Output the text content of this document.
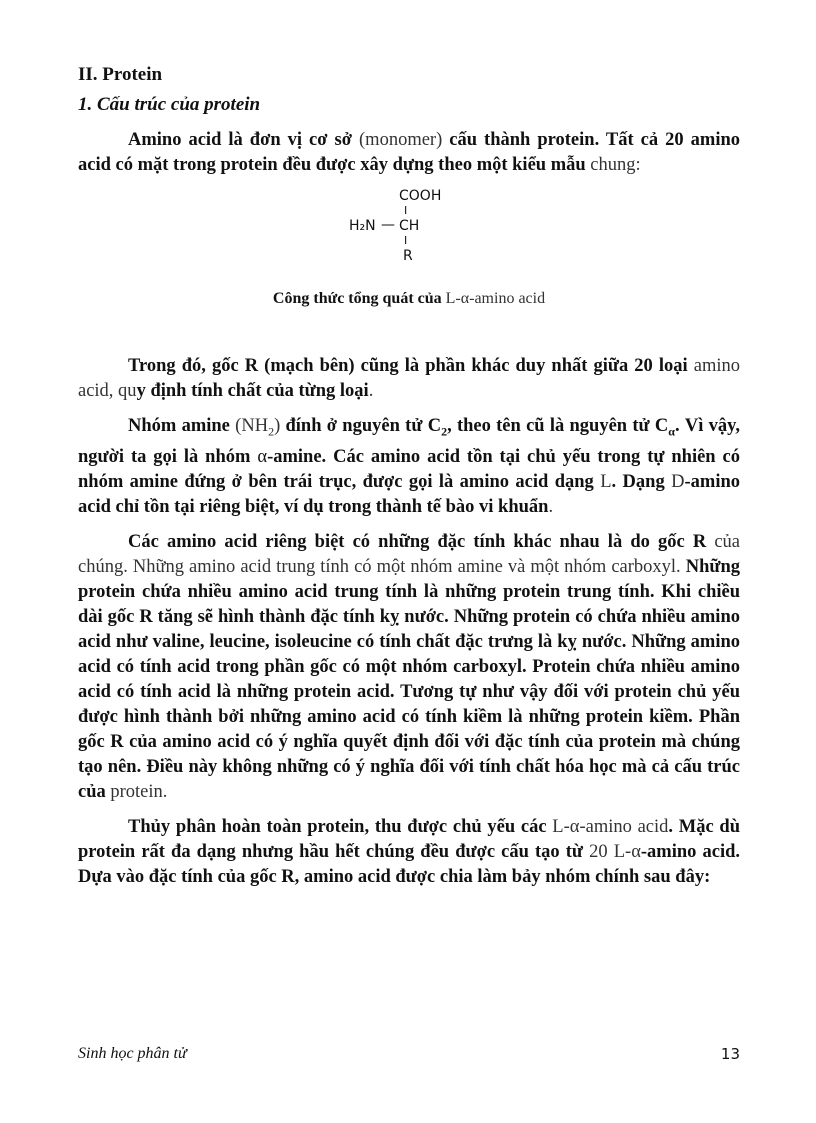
II. Protein
1. Cấu trúc của protein

Amino acid là đơn vị cơ sở (monomer) cấu thành protein. Tất cả 20 amino acid có mặt trong protein đều được xây dựng theo một kiểu mẫu chung:

COOH
I
H₂N — CH
I
R
Công thức tổng quát của L-α-amino acid

Trong đó, gốc R (mạch bên) cũng là phần khác duy nhất giữa 20 loại amino acid, quy định tính chất của từng loại.

Nhóm amine $(NH_2)$ đính ở nguyên tử $C_2$, theo tên cũ là nguyên tử $C_\alpha$. Vì vậy, người ta gọi là nhóm α-amine. Các amino acid tồn tại chủ yếu trong tự nhiên có nhóm amine đứng ở bên trái trục, được gọi là amino acid dạng L. Dạng D-amino acid chỉ tồn tại riêng biệt, ví dụ trong thành tế bào vi khuẩn.

Các amino acid riêng biệt có những đặc tính khác nhau là do gốc R của chúng. Những amino acid trung tính có một nhóm amine và một nhóm carboxyl. Những protein chứa nhiều amino acid trung tính là những protein trung tính. Khi chiều dài gốc R tăng sẽ hình thành đặc tính kỵ nước. Những protein có chứa nhiều amino acid như valine, leucine, isoleucine có tính chất đặc trưng là kỵ nước. Những amino acid có tính acid trong phần gốc có một nhóm carboxyl. Protein chứa nhiều amino acid có tính acid là những protein acid. Tương tự như vậy đối với protein chủ yếu được hình thành bởi những amino acid có tính kiềm là những protein kiềm. Phần gốc R của amino acid có ý nghĩa quyết định đối với đặc tính của protein mà chúng tạo nên. Điều này không những có ý nghĩa đối với tính chất hóa học mà cả cấu trúc của protein.

Thủy phân hoàn toàn protein, thu được chủ yếu các L-α-amino acid. Mặc dù protein rất đa dạng nhưng hầu hết chúng đều được cấu tạo từ 20 L-α-amino acid. Dựa vào đặc tính của gốc R, amino acid được chia làm bảy nhóm chính sau đây:

Sinh học phân tử	13
